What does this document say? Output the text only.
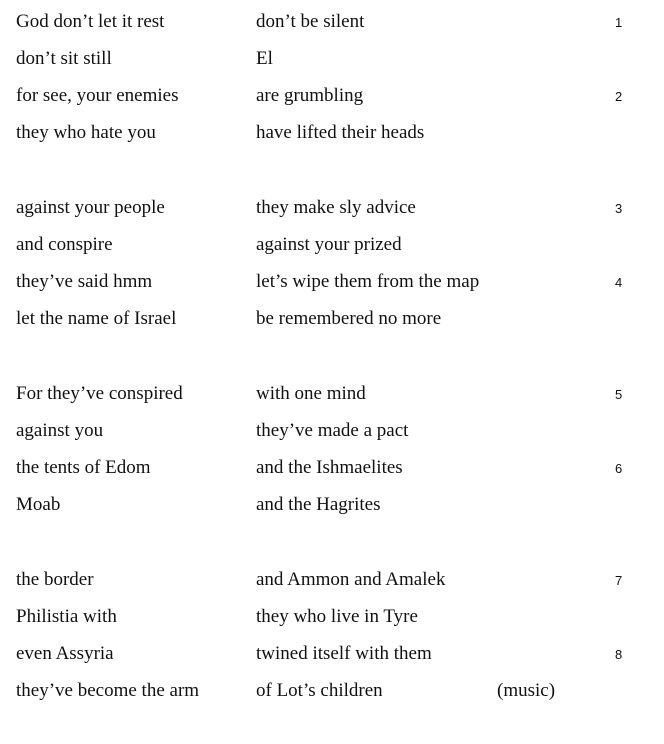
God don’t let it rest	don’t be silent	1
don’t sit still	El
for see, your enemies	are grumbling	2
they who hate you	have lifted their heads
against your people	they make sly advice	3
and conspire	against your prized
they’ve said hmm	let’s wipe them from the map	4
let the name of Israel	be remembered no more
For they’ve conspired	with one mind	5
against you	they’ve made a pact
the tents of Edom	and the Ishmaelites	6
Moab	and the Hagrites
the border	and Ammon and Amalek	7
Philistia with	they who live in Tyre
even Assyria	twined itself with them	8
they’ve become the arm	of Lot’s children	(music)
